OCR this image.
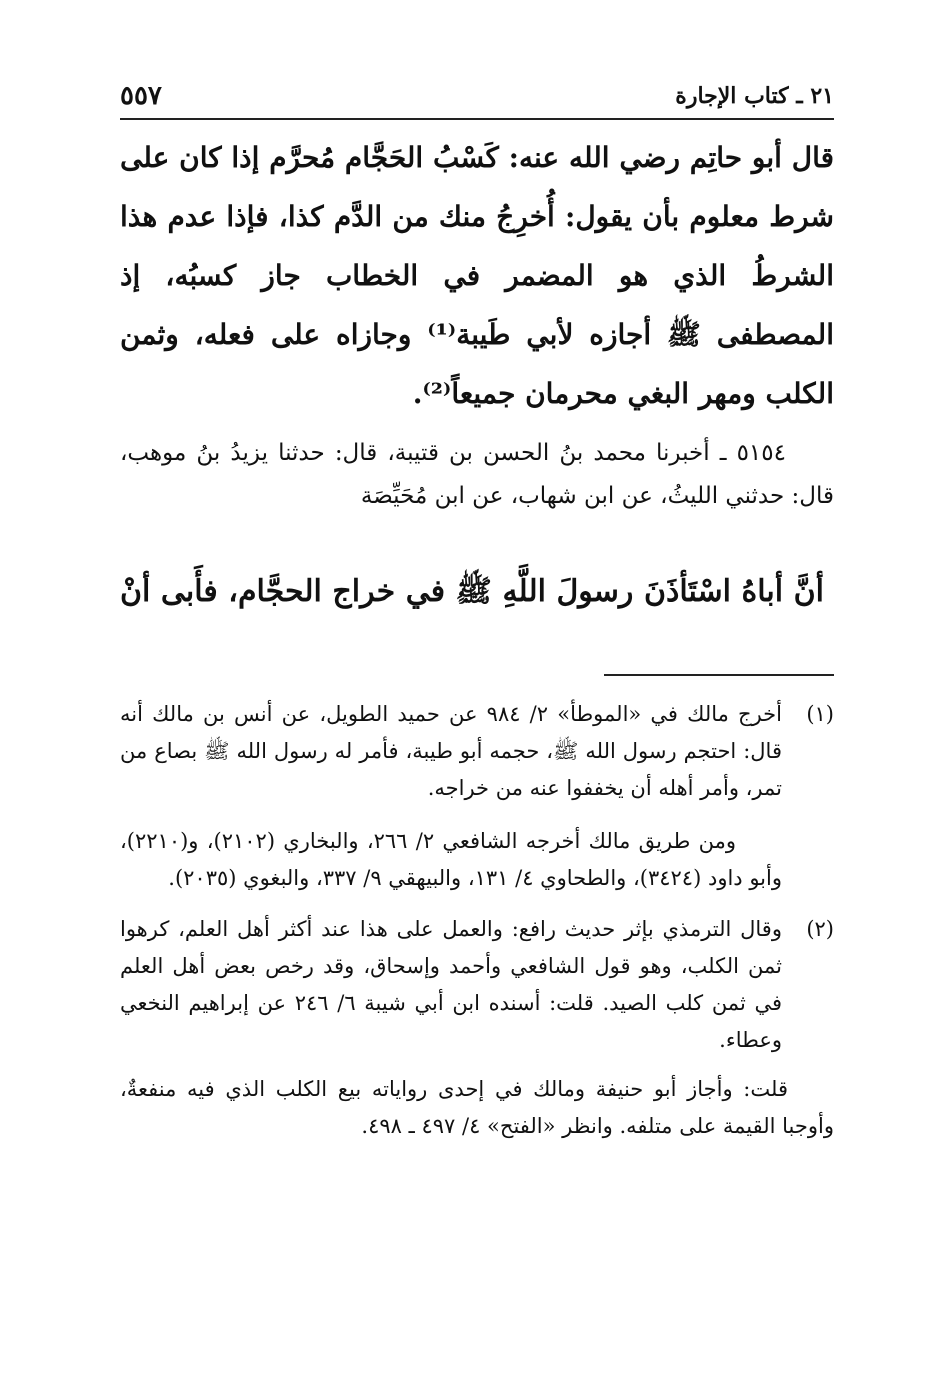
٢١ ـ كتاب الإجارة
٥٥٧

قال أبو حاتِم رضي الله عنه: كَسْبُ الحَجَّام مُحرَّم إذا كان على شرط معلوم بأن يقول: أُخرِجُ منك من الدَّم كذا، فإذا عدم هذا الشرطُ الذي هو المضمر في الخطاب جاز كسبُه، إذ المصطفى ﷺ أجازه لأبي طَيبة⁽¹⁾ وجازاه على فعله، وثمن الكلب ومهر البغي محرمان جميعاً⁽²⁾.

٥١٥٤ ـ أخبرنا محمد بنُ الحسن بن قتيبة، قال: حدثنا يزيدُ بنُ موهب، قال: حدثني الليثُ، عن ابن شهاب، عن ابن مُحَيِّصَة

أنَّ أباهُ اسْتَأذَنَ رسولَ اللَّهِ ﷺ في خراج الحجَّام، فأَبى أنْ

(١)

أخرج مالك في «الموطأ» ٢/ ٩٨٤ عن حميد الطويل، عن أنس بن مالك أنه قال: احتجم رسول الله ﷺ، حجمه أبو طيبة، فأمر له رسول الله ﷺ بصاع من تمر، وأمر أهله أن يخففوا عنه من خراجه.

ومن طريق مالك أخرجه الشافعي ٢/ ٢٦٦، والبخاري (٢١٠٢)، و(٢٢١٠)، وأبو داود (٣٤٢٤)، والطحاوي ٤/ ١٣١، والبيهقي ٩/ ٣٣٧، والبغوي (٢٠٣٥).

(٢)

وقال الترمذي بإثر حديث رافع: والعمل على هذا عند أكثر أهل العلم، كرهوا ثمن الكلب، وهو قول الشافعي وأحمد وإسحاق، وقد رخص بعض أهل العلم في ثمن كلب الصيد. قلت: أسنده ابن أبي شيبة ٦/ ٢٤٦ عن إبراهيم النخعي وعطاء.

قلت: وأجاز أبو حنيفة ومالك في إحدى رواياته بيع الكلب الذي فيه منفعةٌ، وأوجبا القيمة على متلفه. وانظر «الفتح» ٤/ ٤٩٧ ـ ٤٩٨.
